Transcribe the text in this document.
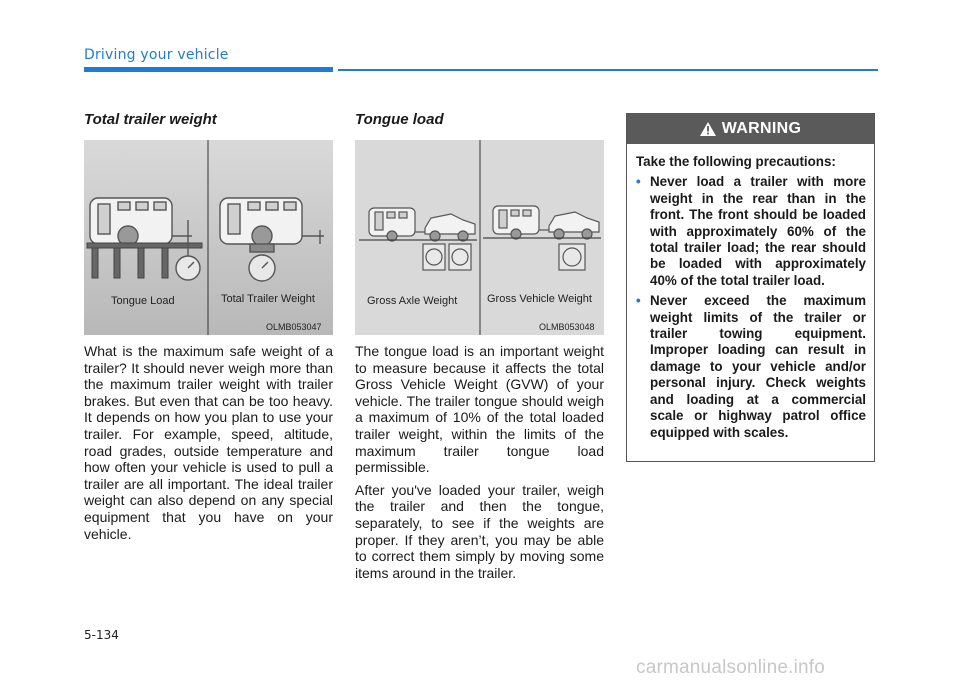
Driving your vehicle
Total trailer weight
Tongue Load	Total Trailer Weight
OLMB053047

What is the maximum safe weight of a trailer? It should never weigh more than the maximum trailer weight with trailer brakes. But even that can be too heavy. It depends on how you plan to use your trailer. For example, speed, altitude, road grades, outside temperature and how often your vehicle is used to pull a trailer are all important. The ideal trailer weight can also depend on any special equipment that you have on your vehicle.

Tongue load
Gross Axle Weight	Gross Vehicle Weight
OLMB053048

The tongue load is an important weight to measure because it affects the total Gross Vehicle Weight (GVW) of your vehicle. The trailer tongue should weigh a maximum of 10% of the total loaded trailer weight, within the limits of the maximum trailer tongue load permissible.

After you've loaded your trailer, weigh the trailer and then the tongue, separately, to see if the weights are proper. If they aren’t, you may be able to correct them simply by moving some items around in the trailer.

WARNING

Take the following precautions:

• Never load a trailer with more weight in the rear than in the front. The front should be loaded with approximately 60% of the total trailer load; the rear should be loaded with approximately 40% of the total trailer load.
• Never exceed the maximum weight limits of the trailer or trailer towing equipment. Improper loading can result in damage to your vehicle and/or personal injury. Check weights and loading at a commercial scale or highway patrol office equipped with scales.
5-134
carmanualsonline.info
